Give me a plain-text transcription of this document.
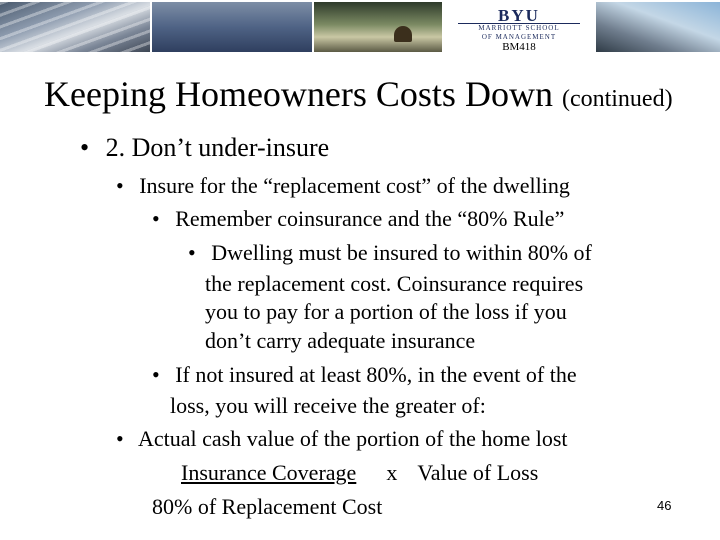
BYU
MARRIOTT SCHOOL
OF MANAGEMENT
BM418
Keeping Homeowners Costs Down (continued)
• 2. Don’t under-insure
• Insure for the “replacement cost” of the dwelling
• Remember coinsurance and the “80% Rule”
• Dwelling must be insured to within 80% of
the replacement cost. Coinsurance requires
you to pay for a portion of the loss if you
don’t carry adequate insurance
• If not insured at least 80%, in the event of the
loss, you will receive the greater of:
• Actual cash value of the portion of the home lost
Insurance Coverage x Value of Loss
80% of Replacement Cost	46
